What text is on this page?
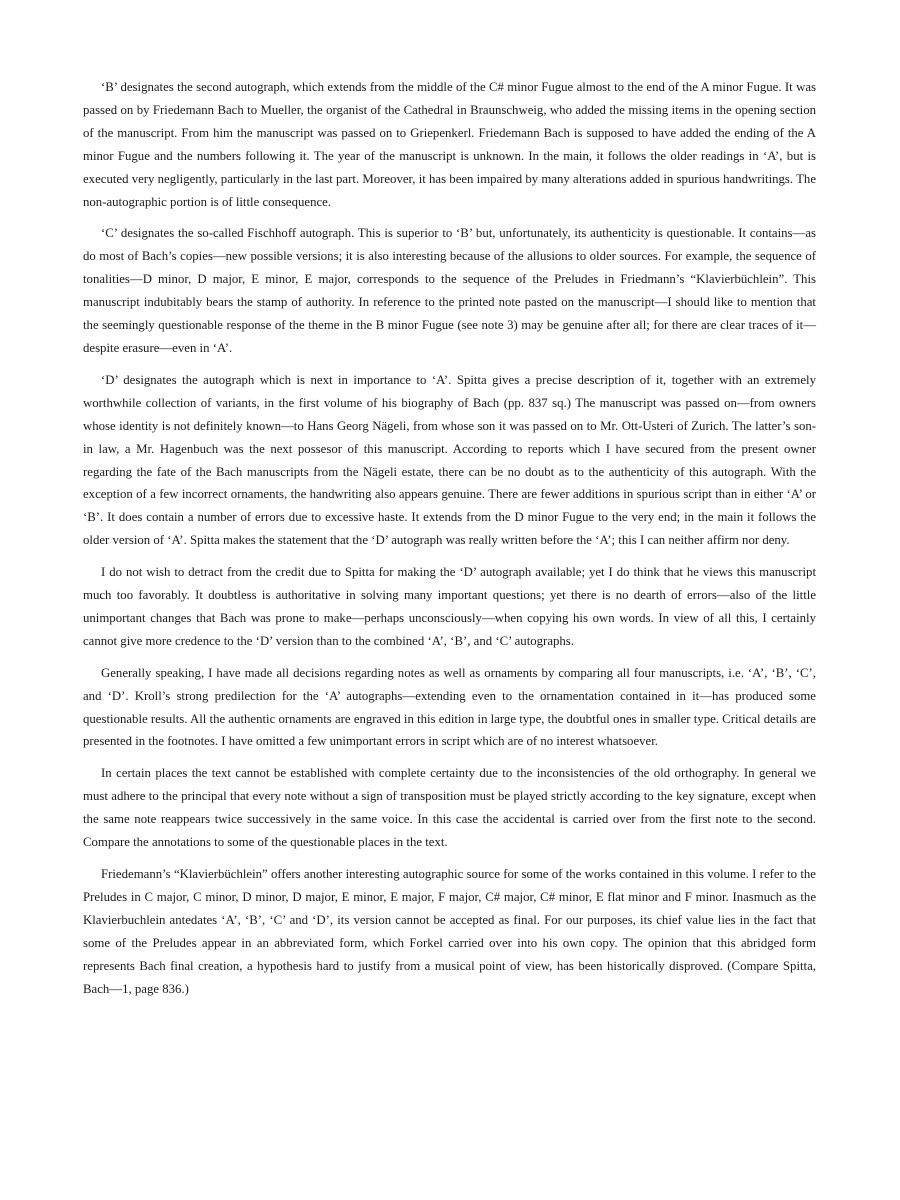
‘B’ designates the second autograph, which extends from the middle of the C# minor Fugue almost to the end of the A minor Fugue. It was passed on by Friedemann Bach to Mueller, the organist of the Cathedral in Braunschweig, who added the missing items in the opening section of the manuscript. From him the manuscript was passed on to Griepenkerl. Friedemann Bach is supposed to have added the ending of the A minor Fugue and the numbers following it. The year of the manuscript is unknown. In the main, it follows the older readings in ‘A’, but is executed very negligently, particularly in the last part. Moreover, it has been impaired by many alterations added in spurious handwritings. The non-autographic portion is of little consequence.

‘C’ designates the so-called Fischhoff autograph. This is superior to ‘B’ but, unfortunately, its authenticity is questionable. It contains—as do most of Bach’s copies—new possible versions; it is also interesting because of the allusions to older sources. For example, the sequence of tonalities—D minor, D major, E minor, E major, corresponds to the sequence of the Preludes in Friedmann’s “Klavierbüchlein”. This manuscript indubitably bears the stamp of authority. In reference to the printed note pasted on the manuscript—I should like to mention that the seemingly questionable response of the theme in the B minor Fugue (see note 3) may be genuine after all; for there are clear traces of it—despite erasure—even in ‘A’.

‘D’ designates the autograph which is next in importance to ‘A’. Spitta gives a precise description of it, together with an extremely worthwhile collection of variants, in the first volume of his biography of Bach (pp. 837 sq.) The manuscript was passed on—from owners whose identity is not definitely known—to Hans Georg Nägeli, from whose son it was passed on to Mr. Ott-Usteri of Zurich. The latter’s son-in law, a Mr. Hagenbuch was the next possesor of this manuscript. According to reports which I have secured from the present owner regarding the fate of the Bach manuscripts from the Nägeli estate, there can be no doubt as to the authenticity of this autograph. With the exception of a few incorrect ornaments, the handwriting also appears genuine. There are fewer additions in spurious script than in either ‘A’ or ‘B’. It does contain a number of errors due to excessive haste. It extends from the D minor Fugue to the very end; in the main it follows the older version of ‘A’. Spitta makes the statement that the ‘D’ autograph was really written before the ‘A’; this I can neither affirm nor deny.

I do not wish to detract from the credit due to Spitta for making the ‘D’ autograph available; yet I do think that he views this manuscript much too favorably. It doubtless is authoritative in solving many important questions; yet there is no dearth of errors—also of the little unimportant changes that Bach was prone to make—perhaps unconsciously—when copying his own words. In view of all this, I certainly cannot give more credence to the ‘D’ version than to the combined ‘A’, ‘B’, and ‘C’ autographs.

Generally speaking, I have made all decisions regarding notes as well as ornaments by comparing all four manuscripts, i.e. ‘A’, ‘B’, ‘C’, and ‘D’. Kroll’s strong predilection for the ‘A’ autographs—extending even to the ornamentation contained in it—has produced some questionable results. All the authentic ornaments are engraved in this edition in large type, the doubtful ones in smaller type. Critical details are presented in the footnotes. I have omitted a few unimportant errors in script which are of no interest whatsoever.

In certain places the text cannot be established with complete certainty due to the inconsistencies of the old orthography. In general we must adhere to the principal that every note without a sign of transposition must be played strictly according to the key signature, except when the same note reappears twice successively in the same voice. In this case the accidental is carried over from the first note to the second. Compare the annotations to some of the questionable places in the text.

Friedemann’s “Klavierbüchlein” offers another interesting autographic source for some of the works contained in this volume. I refer to the Preludes in C major, C minor, D minor, D major, E minor, E major, F major, C# major, C# minor, E flat minor and F minor. Inasmuch as the Klavierbuchlein antedates ‘A’, ‘B’, ‘C’ and ‘D’, its version cannot be accepted as final. For our purposes, its chief value lies in the fact that some of the Preludes appear in an abbreviated form, which Forkel carried over into his own copy. The opinion that this abridged form represents Bach final creation, a hypothesis hard to justify from a musical point of view, has been historically disproved. (Compare Spitta, Bach—1, page 836.)
